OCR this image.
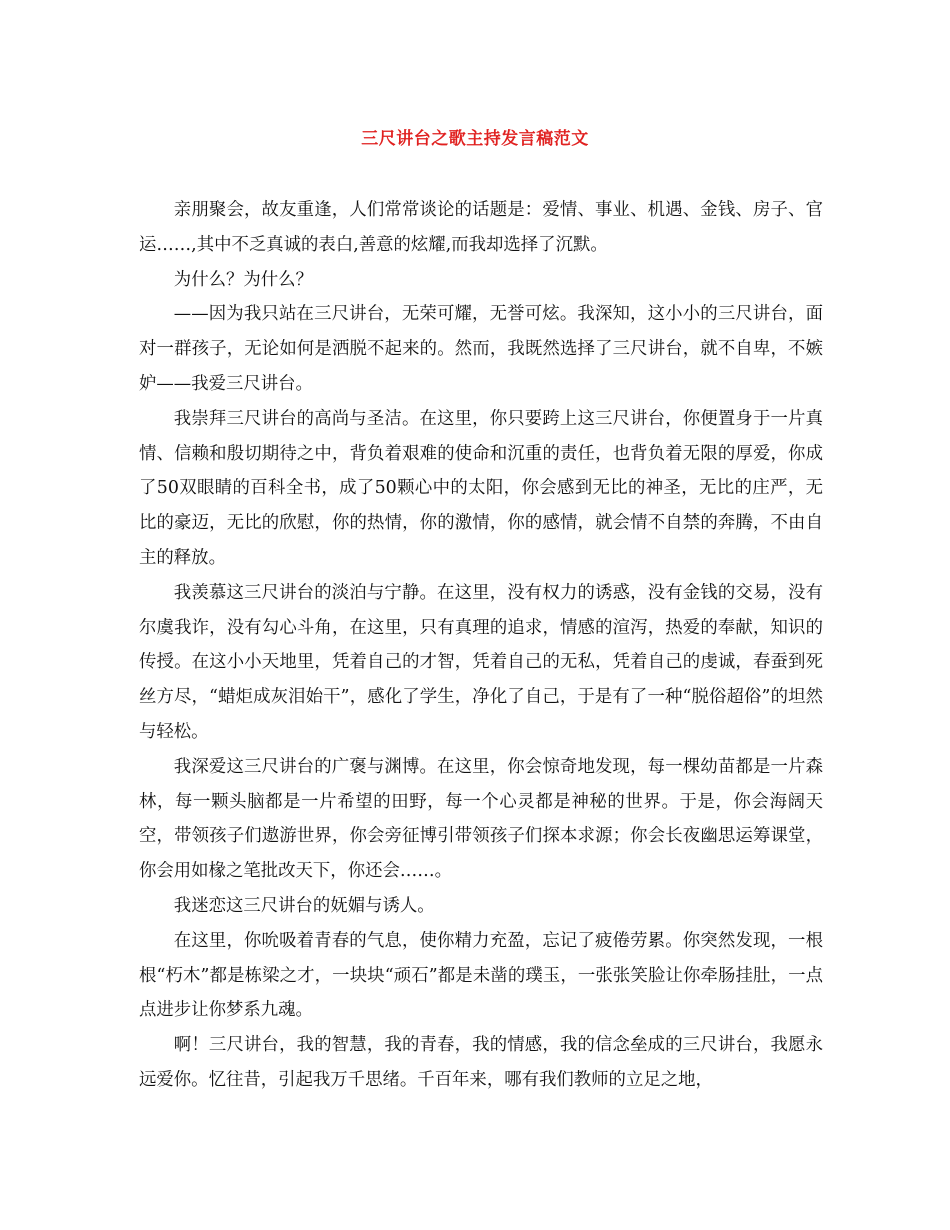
三尺讲台之歌主持发言稿范文

亲朋聚会，故友重逢，人们常常谈论的话题是：爱情、事业、机遇、金钱、房子、官运……,其中不乏真诚的表白,善意的炫耀,而我却选择了沉默。

为什么？为什么？

——因为我只站在三尺讲台，无荣可耀，无誉可炫。我深知，这小小的三尺讲台，面对一群孩子，无论如何是洒脱不起来的。然而，我既然选择了三尺讲台，就不自卑，不嫉妒——我爱三尺讲台。

我崇拜三尺讲台的高尚与圣洁。在这里，你只要跨上这三尺讲台，你便置身于一片真情、信赖和殷切期待之中，背负着艰难的使命和沉重的责任，也背负着无限的厚爱，你成了50双眼睛的百科全书，成了50颗心中的太阳，你会感到无比的神圣，无比的庄严，无比的豪迈，无比的欣慰，你的热情，你的激情，你的感情，就会情不自禁的奔腾，不由自主的释放。

我羡慕这三尺讲台的淡泊与宁静。在这里，没有权力的诱惑，没有金钱的交易，没有尔虞我诈，没有勾心斗角，在这里，只有真理的追求，情感的渲泻，热爱的奉献，知识的传授。在这小小天地里，凭着自己的才智，凭着自己的无私，凭着自己的虔诚，春蚕到死丝方尽，“蜡炬成灰泪始干”，感化了学生，净化了自己，于是有了一种“脱俗超俗”的坦然与轻松。

我深爱这三尺讲台的广褒与渊博。在这里，你会惊奇地发现，每一棵幼苗都是一片森林，每一颗头脑都是一片希望的田野，每一个心灵都是神秘的世界。于是，你会海阔天空，带领孩子们遨游世界，你会旁征博引带领孩子们探本求源；你会长夜幽思运筹课堂，你会用如椽之笔批改天下，你还会……。

我迷恋这三尺讲台的妩媚与诱人。

在这里，你吮吸着青春的气息，使你精力充盈，忘记了疲倦劳累。你突然发现，一根根“朽木”都是栋梁之才，一块块“顽石”都是未凿的璞玉，一张张笑脸让你牵肠挂肚，一点点进步让你梦系九魂。

啊！三尺讲台，我的智慧，我的青春，我的情感，我的信念垒成的三尺讲台，我愿永远爱你。忆往昔，引起我万千思绪。千百年来，哪有我们教师的立足之地，
